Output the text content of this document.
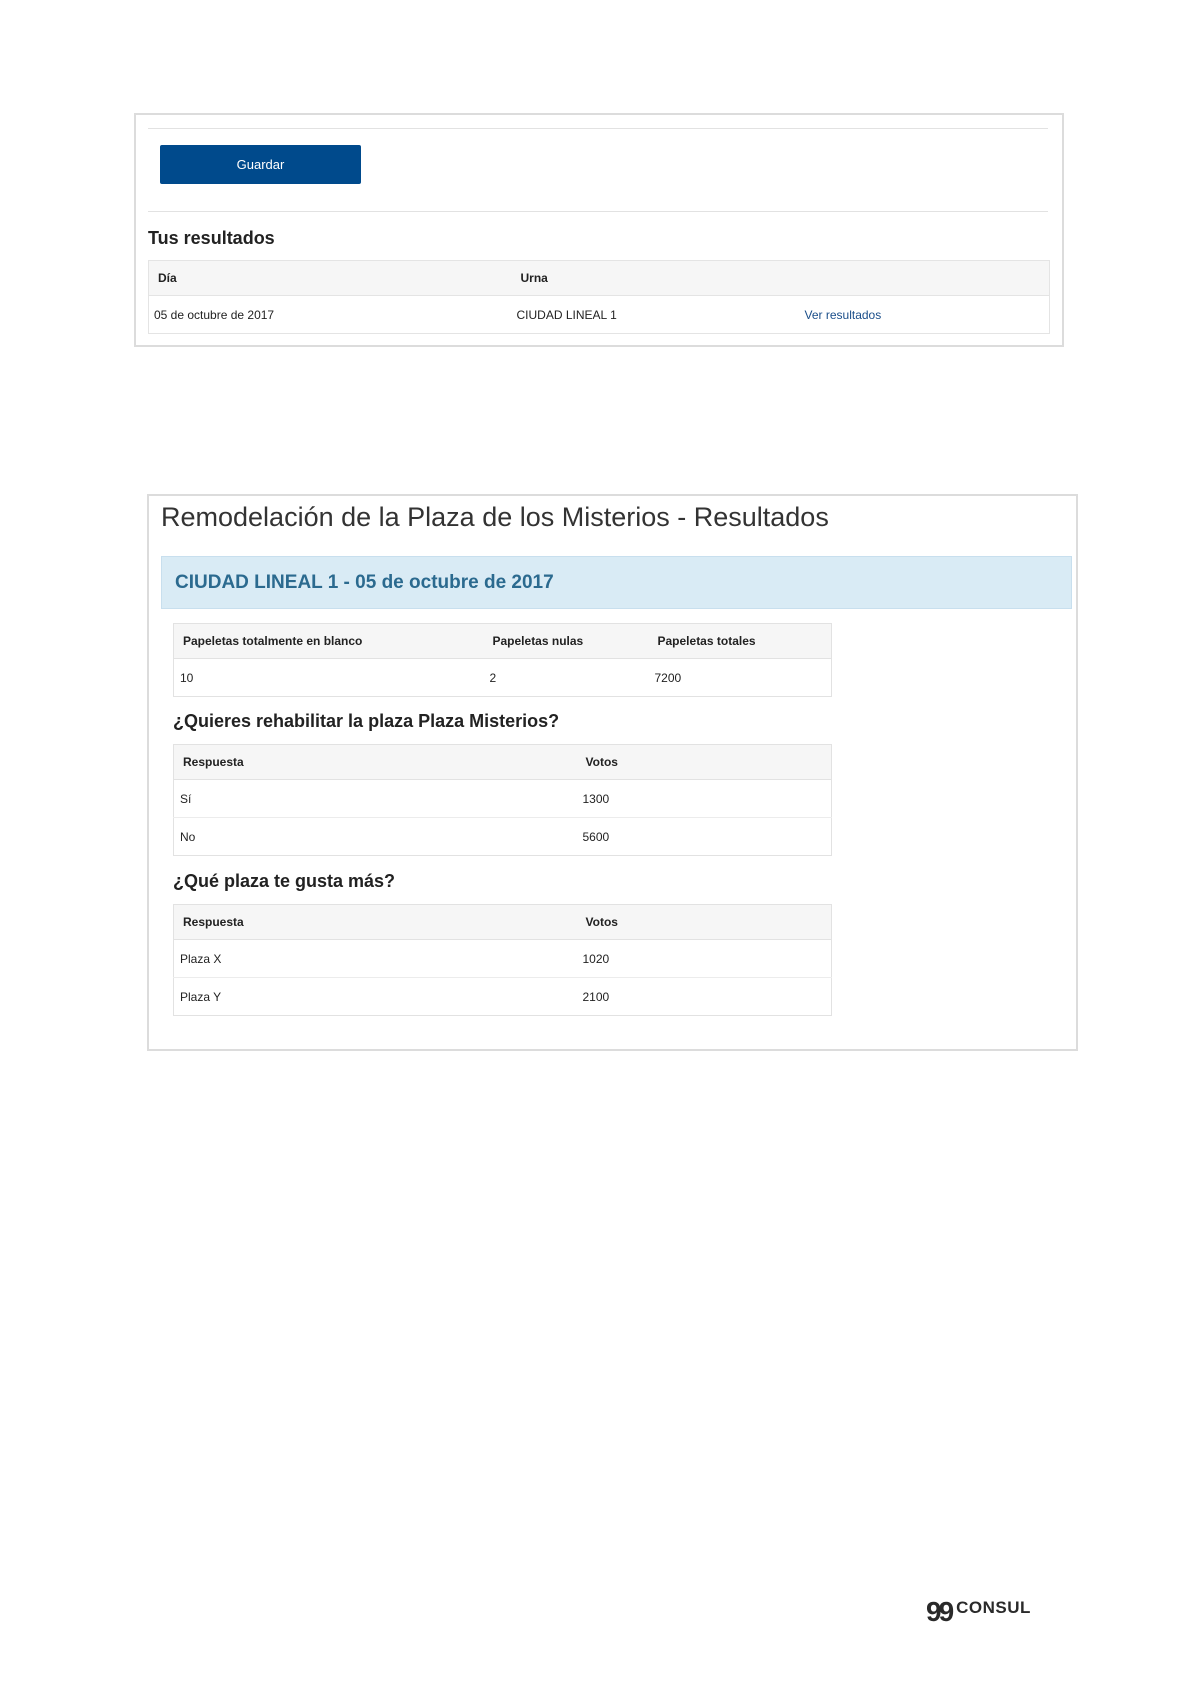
Guardar
Tus resultados
Día	Urna	
05 de octubre de 2017	CIUDAD LINEAL 1	Ver resultados
Remodelación de la Plaza de los Misterios - Resultados
CIUDAD LINEAL 1 - 05 de octubre de 2017
Papeletas totalmente en blanco	Papeletas nulas	Papeletas totales
10	2	7200
¿Quieres rehabilitar la plaza Plaza Misterios?
Respuesta	Votos
Sí	1300
No	5600
¿Qué plaza te gusta más?
Respuesta	Votos
Plaza X	1020
Plaza Y	2100
99 CONSUL
